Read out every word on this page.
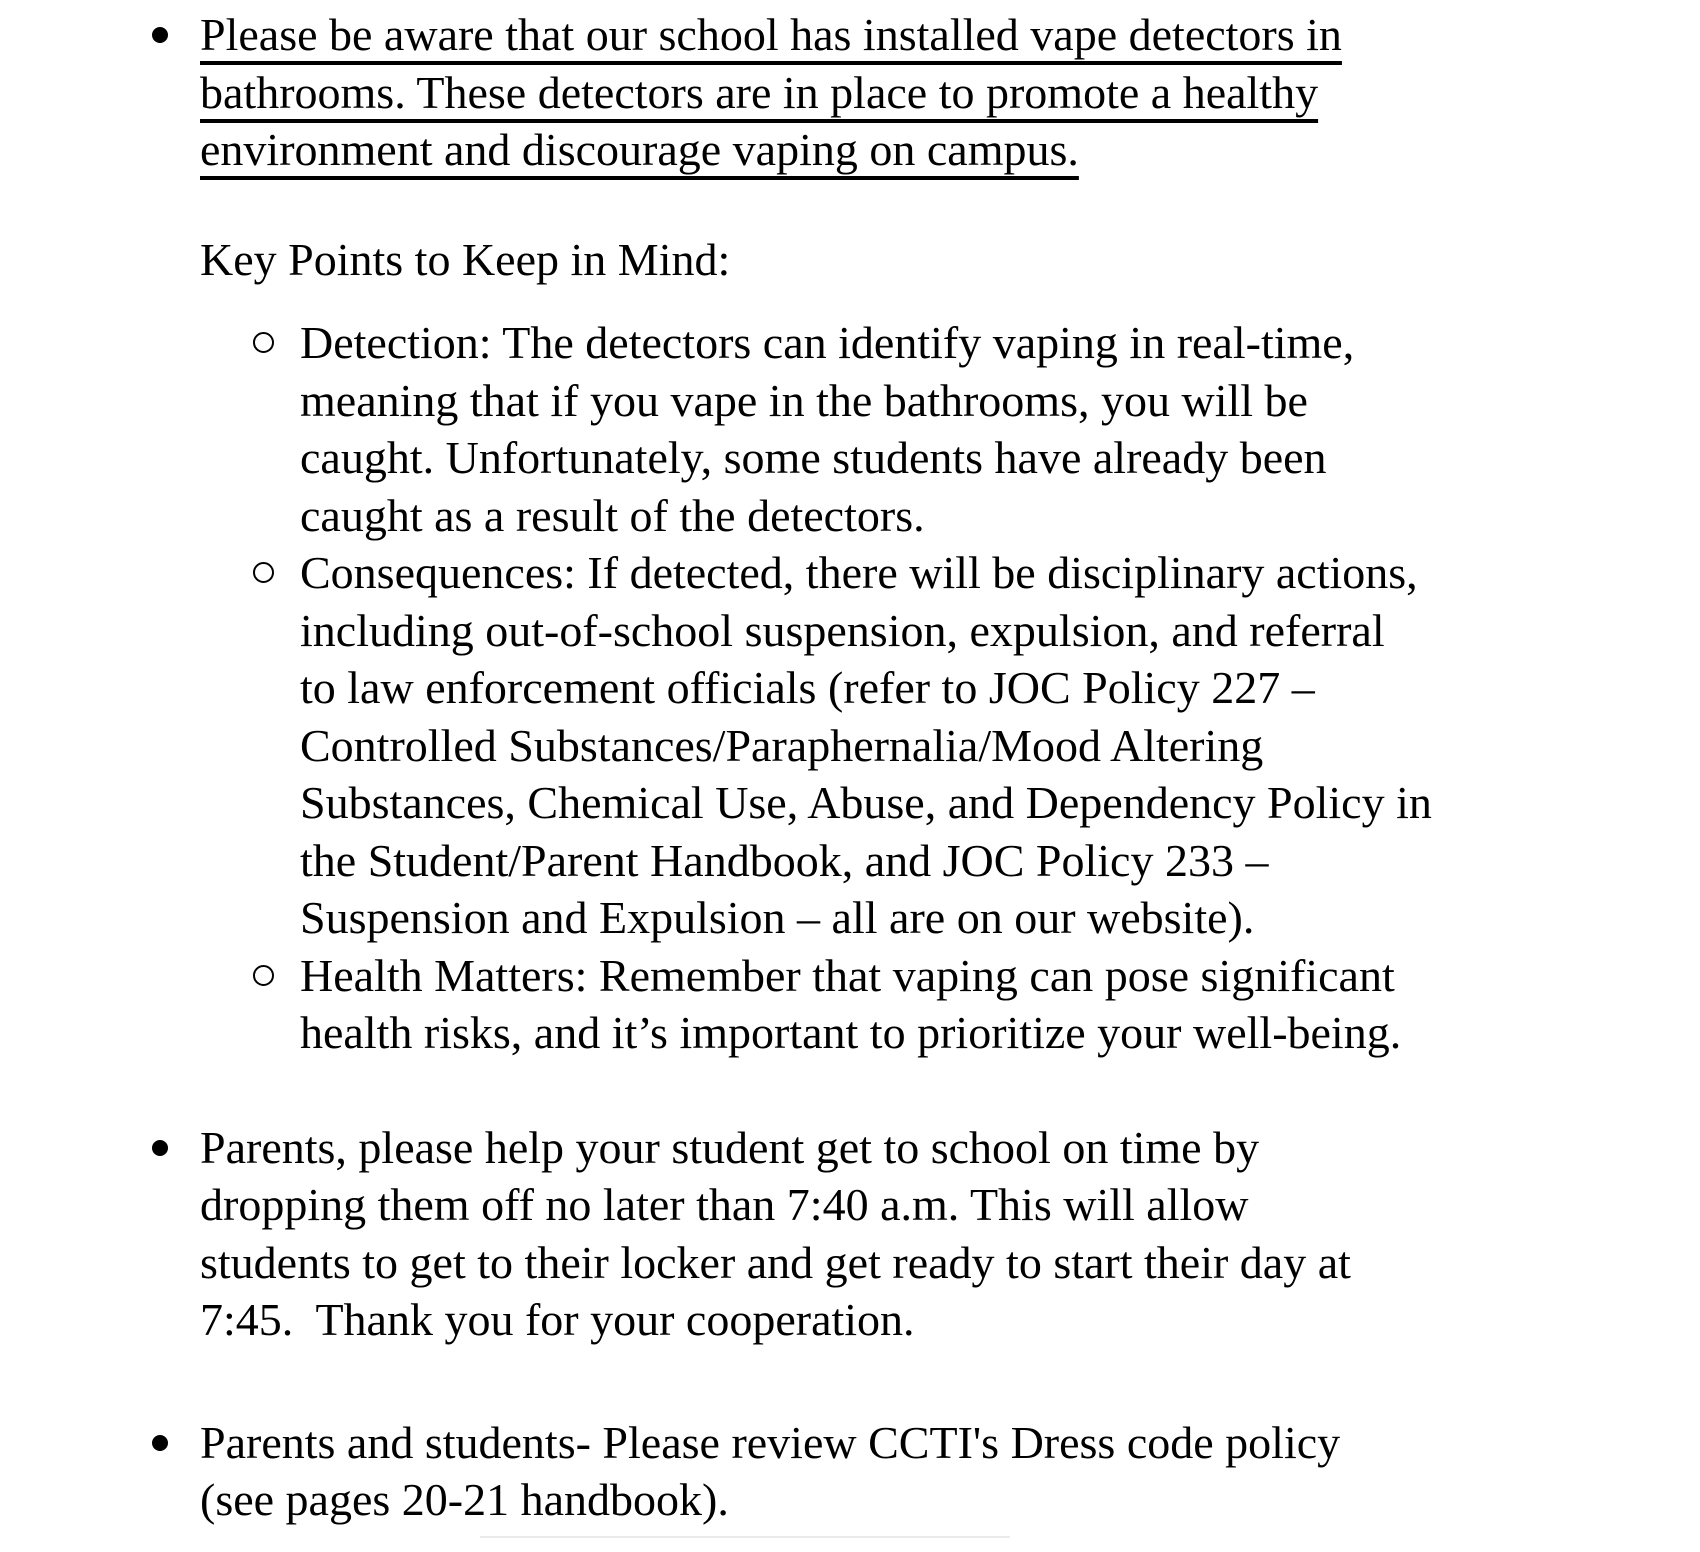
Please be aware that our school has installed vape detectors in
bathrooms. These detectors are in place to promote a healthy
environment and discourage vaping on campus.
Key Points to Keep in Mind:
Detection: The detectors can identify vaping in real-time,
meaning that if you vape in the bathrooms, you will be
caught. Unfortunately, some students have already been
caught as a result of the detectors.
Consequences: If detected, there will be disciplinary actions,
including out-of-school suspension, expulsion, and referral
to law enforcement officials (refer to JOC Policy 227 –
Controlled Substances/Paraphernalia/Mood Altering
Substances, Chemical Use, Abuse, and Dependency Policy in
the Student/Parent Handbook, and JOC Policy 233 –
Suspension and Expulsion – all are on our website).
Health Matters: Remember that vaping can pose significant
health risks, and it’s important to prioritize your well-being.
Parents, please help your student get to school on time by
dropping them off no later than 7:40 a.m. This will allow
students to get to their locker and get ready to start their day at
7:45.  Thank you for your cooperation.
Parents and students- Please review CCTI's Dress code policy
(see pages 20-21 handbook).
